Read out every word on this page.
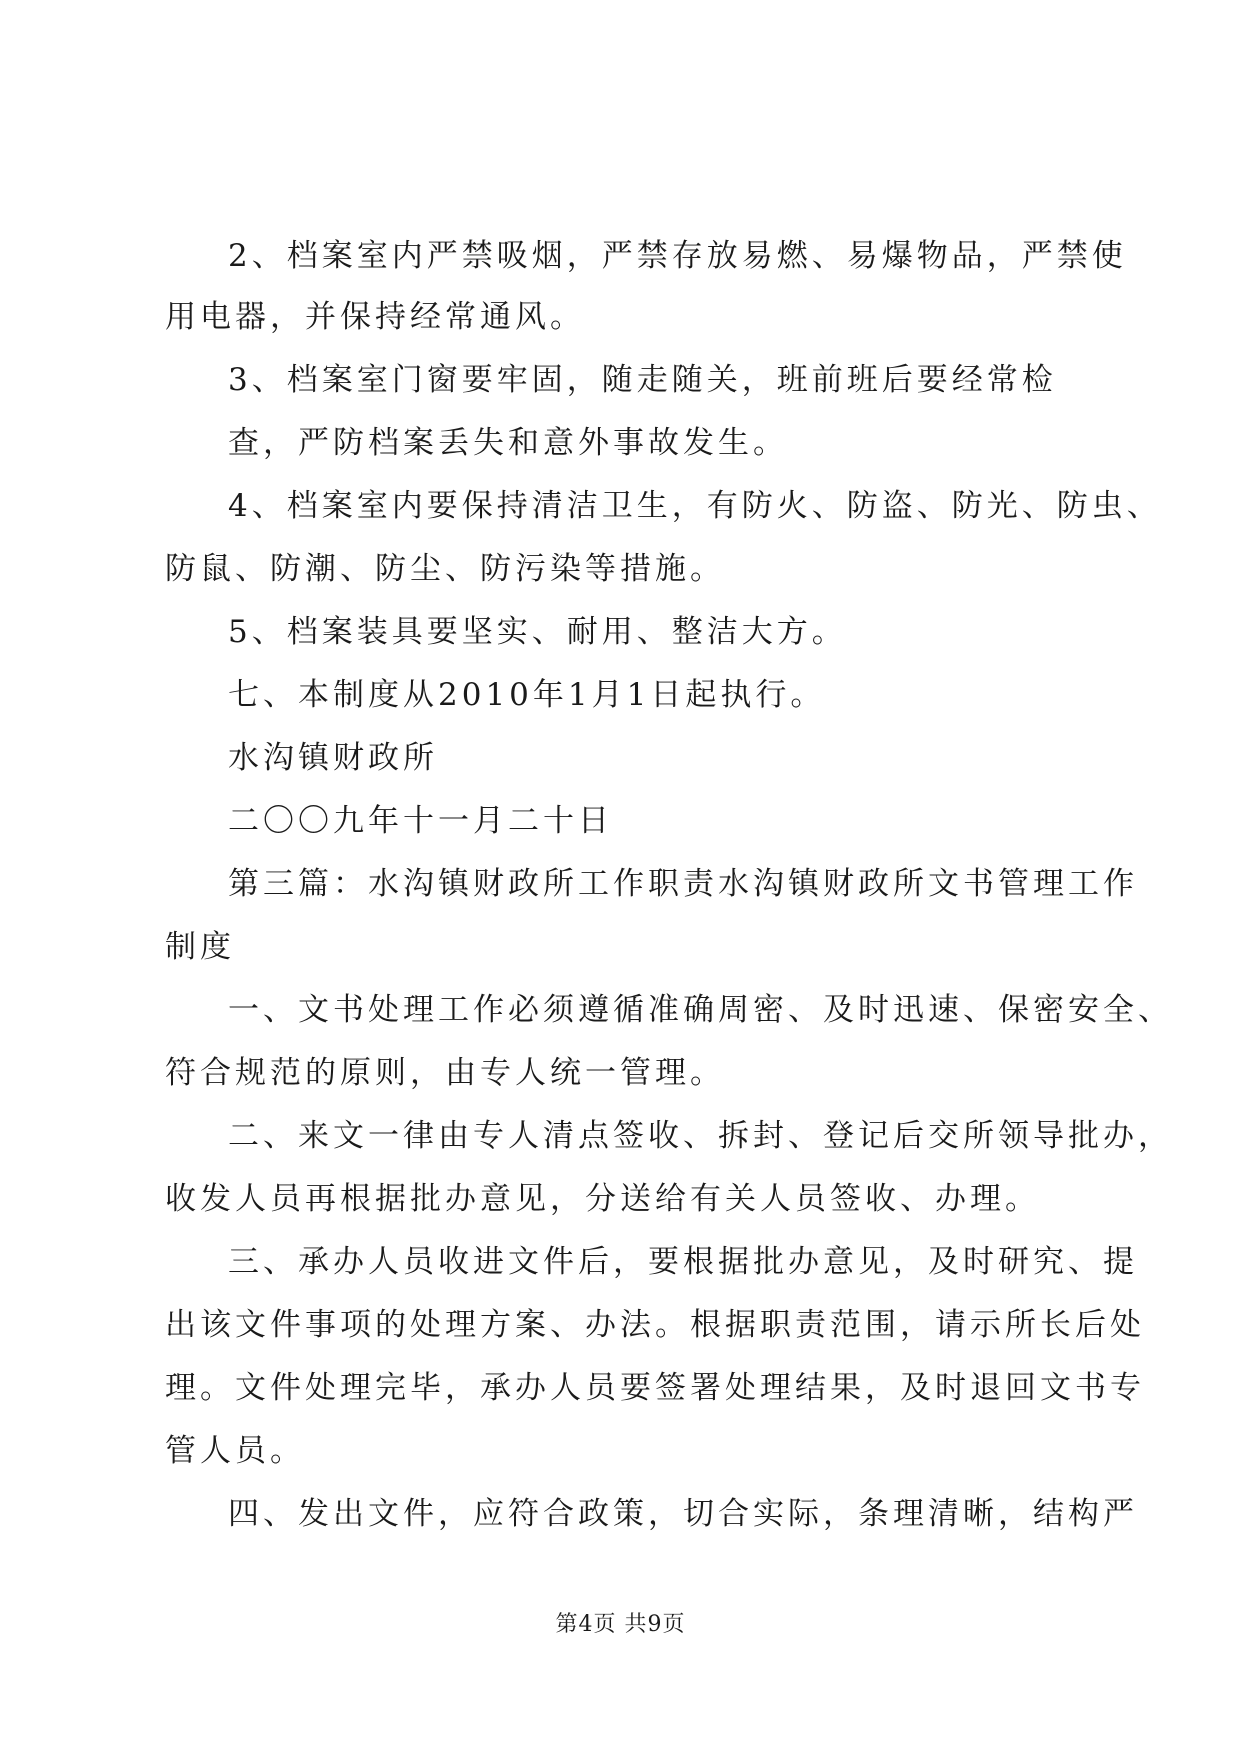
2、档案室内严禁吸烟，严禁存放易燃、易爆物品，严禁使
用电器，并保持经常通风。
3、档案室门窗要牢固，随走随关，班前班后要经常检
查，严防档案丢失和意外事故发生。
4、档案室内要保持清洁卫生，有防火、防盗、防光、防虫、
防鼠、防潮、防尘、防污染等措施。
5、档案装具要坚实、耐用、整洁大方。
七、本制度从2010年1月1日起执行。
水沟镇财政所
二〇〇九年十一月二十日
第三篇：水沟镇财政所工作职责水沟镇财政所文书管理工作
制度
一、文书处理工作必须遵循准确周密、及时迅速、保密安全、
符合规范的原则，由专人统一管理。
二、来文一律由专人清点签收、拆封、登记后交所领导批办，
收发人员再根据批办意见，分送给有关人员签收、办理。
三、承办人员收进文件后，要根据批办意见，及时研究、提
出该文件事项的处理方案、办法。根据职责范围，请示所长后处
理。文件处理完毕，承办人员要签署处理结果，及时退回文书专
管人员。
四、发出文件，应符合政策，切合实际，条理清晰，结构严
第4页 共9页
